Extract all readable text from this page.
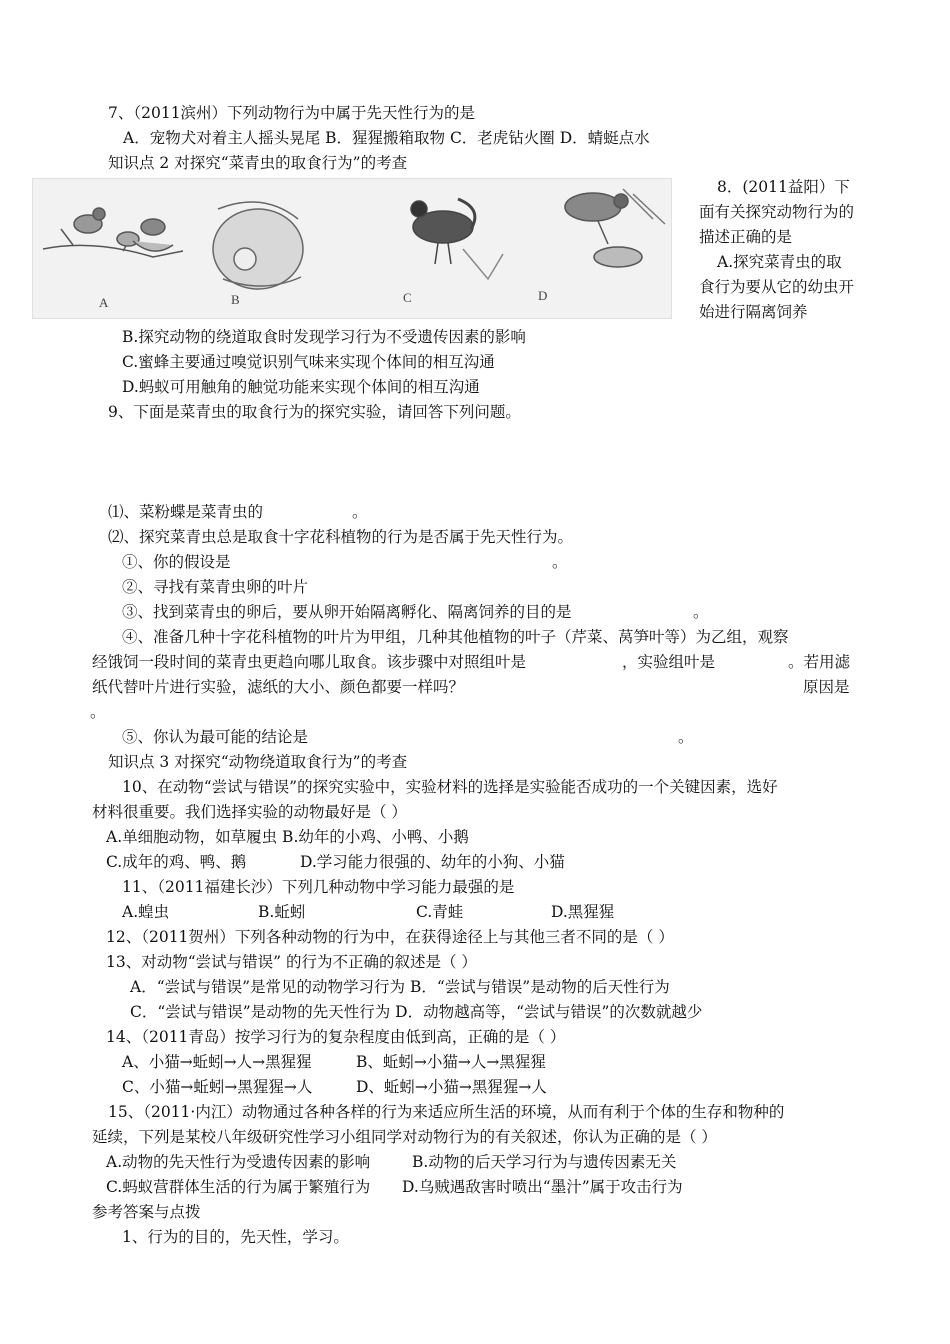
7、（2011滨州）下列动物行为中属于先天性行为的是
A．宠物犬对着主人摇头晃尾 B．猩猩搬箱取物 C．老虎钻火圈 D．蜻蜓点水
知识点 2 对探究“菜青虫的取食行为”的考查
A	B	C	D
8．(2011益阳）下
面有关探究动物行为的
描述正确的是
A.探究菜青虫的取
食行为要从它的幼虫开
始进行隔离饲养
B.探究动物的绕道取食时发现学习行为不受遗传因素的影响
C.蜜蜂主要通过嗅觉识别气味来实现个体间的相互沟通
D.蚂蚁可用触角的触觉功能来实现个体间的相互沟通
9、下面是菜青虫的取食行为的探究实验，请回答下列问题。
⑴、菜粉蝶是菜青虫的	。
⑵、探究菜青虫总是取食十字花科植物的行为是否属于先天性行为。
①、你的假设是	。
②、寻找有菜青虫卵的叶片
③、找到菜青虫的卵后，要从卵开始隔离孵化、隔离饲养的目的是	。
④、准备几种十字花科植物的叶片为甲组，几种其他植物的叶子（芹菜、莴笋叶等）为乙组，观察
经饿饲一段时间的菜青虫更趋向哪儿取食。该步骤中对照组叶是	，实验组叶是	。若用滤
纸代替叶片进行实验，滤纸的大小、颜色都要一样吗？	原因是
。
⑤、你认为最可能的结论是	。
知识点 3 对探究“动物绕道取食行为”的考查
10、在动物“尝试与错误”的探究实验中，实验材料的选择是实验能否成功的一个关键因素，选好
材料很重要。我们选择实验的动物最好是（ ）
A.单细胞动物，如草履虫 B.幼年的小鸡、小鸭、小鹅
C.成年的鸡、鸭、鹅	D.学习能力很强的、幼年的小狗、小猫
11、（2011福建长沙）下列几种动物中学习能力最强的是
A.蝗虫	B.蚯蚓	C.青蛙	D.黑猩猩
12、（2011贺州）下列各种动物的行为中，在获得途径上与其他三者不同的是（ ）
13、对动物“尝试与错误” 的行为不正确的叙述是（ ）
A．“尝试与错误”是常见的动物学习行为 B．“尝试与错误”是动物的后天性行为
C．“尝试与错误”是动物的先天性行为 D．动物越高等，“尝试与错误”的次数就越少
14、（2011青岛）按学习行为的复杂程度由低到高，正确的是（ ）
A、小猫→蚯蚓→人→黑猩猩	B、蚯蚓→小猫→人→黑猩猩
C、小猫→蚯蚓→黑猩猩→人	D、蚯蚓→小猫→黑猩猩→人
15、（2011·内江）动物通过各种各样的行为来适应所生活的环境，从而有利于个体的生存和物种的
延续，下列是某校八年级研究性学习小组同学对动物行为的有关叙述，你认为正确的是（ ）
A.动物的先天性行为受遗传因素的影响	B.动物的后天学习行为与遗传因素无关
C.蚂蚁营群体生活的行为属于繁殖行为 D.乌贼遇敌害时喷出“墨汁”属于攻击行为
参考答案与点拨
1、行为的目的，先天性，学习。
